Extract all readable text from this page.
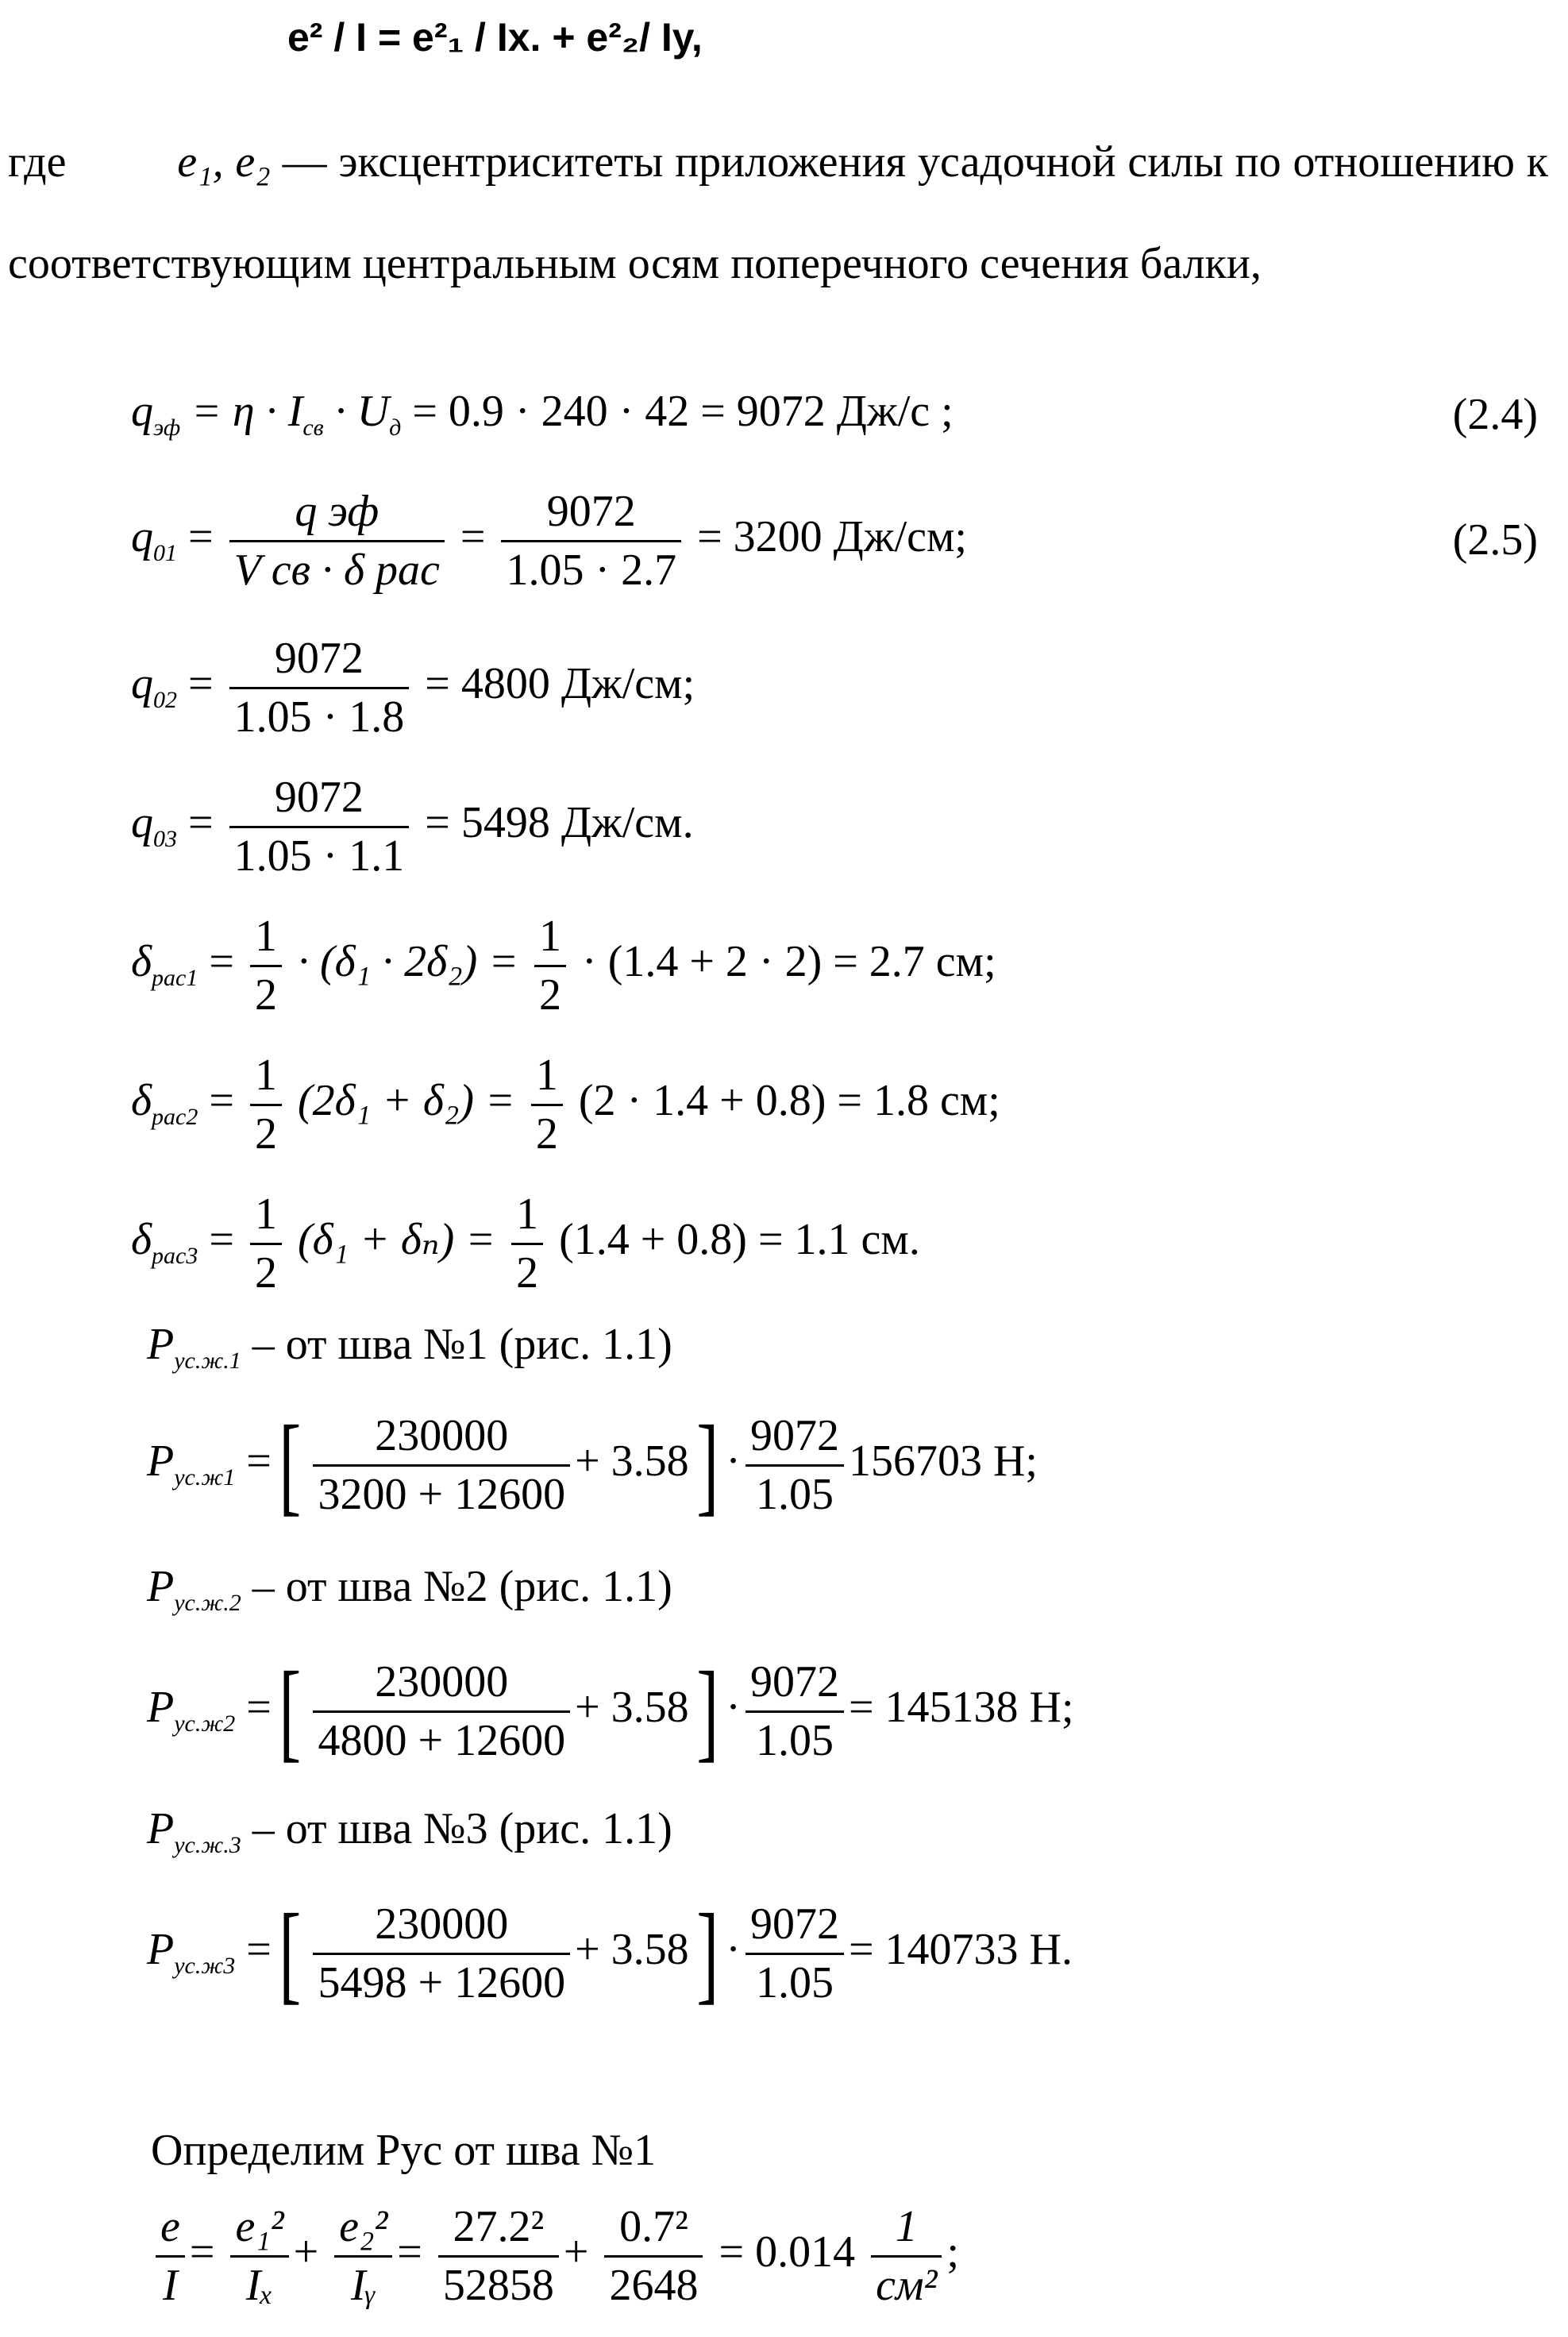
e² / I = e²₁ / Ix. + e²₂/ Iy,
где e₁, e₂ — эксцентриситеты приложения усадочной силы по отношению к соответствующим центральным осям поперечного сечения балки,
$q_{эф} = \eta \cdot I_{св} \cdot U_д = 0.9 \cdot 240 \cdot 42 = 9072$ Дж/с ;	(2.4)
$q_{01} = \frac{\text{q эф}}{\text{V св · δ рас}} = \frac{9072}{1.05 \cdot 2.7} = 3200$ Дж/см;	(2.5)
$q_{02} = \frac{9072}{1.05 \cdot 1.8} = 4800$ Дж/см;
$q_{03} = \frac{9072}{1.05 \cdot 1.1} = 5498$ Дж/см.
$\delta_{рас1} = \frac{1}{2} \cdot (\delta_1 \cdot 2\delta_2) = \frac{1}{2} \cdot (1.4 + 2 \cdot 2) = 2.7$ см;
$\delta_{рас2} = \frac{1}{2} (2\delta_1 + \delta_2) = \frac{1}{2} (2 \cdot 1.4 + 0.8) = 1.8$ см;
$\delta_{рас3} = \frac{1}{2} (\delta_1 + \delta_n) = \frac{1}{2} (1.4 + 0.8) = 1.1$ см.
$P_{ус.ж.1}$ – от шва №1 (рис. 1.1)
$P_{ус.ж1}$ =[ $\frac{230000}{3200 + 12600} + 3.58] \cdot \frac{9072}{1.05} 156703$ Н;
$P_{ус.ж.2}$ – от шва №2 (рис. 1.1)
$P_{ус.ж2}$ =[ $\frac{230000}{4800 + 12600} + 3.58] \cdot \frac{9072}{1.05} = 145138$ Н;
$P_{ус.ж.3}$ – от шва №3 (рис. 1.1)
$P_{ус.ж3}$ =[ $\frac{230000}{5498 + 12600} + 3.58] \cdot \frac{9072}{1.05} = 140733$ Н.
Определим Рус от шва №1
$\frac{e}{I} = \frac{\text{e₁²}}{\text{Iₓ}} + \frac{\text{e₂²}}{\text{Iᵧ}} = \frac{\text{27.2²}}{52858} + \frac{\text{0.7²}}{2648} = 0.014 \frac{1}{\text{см²}}$ ;
